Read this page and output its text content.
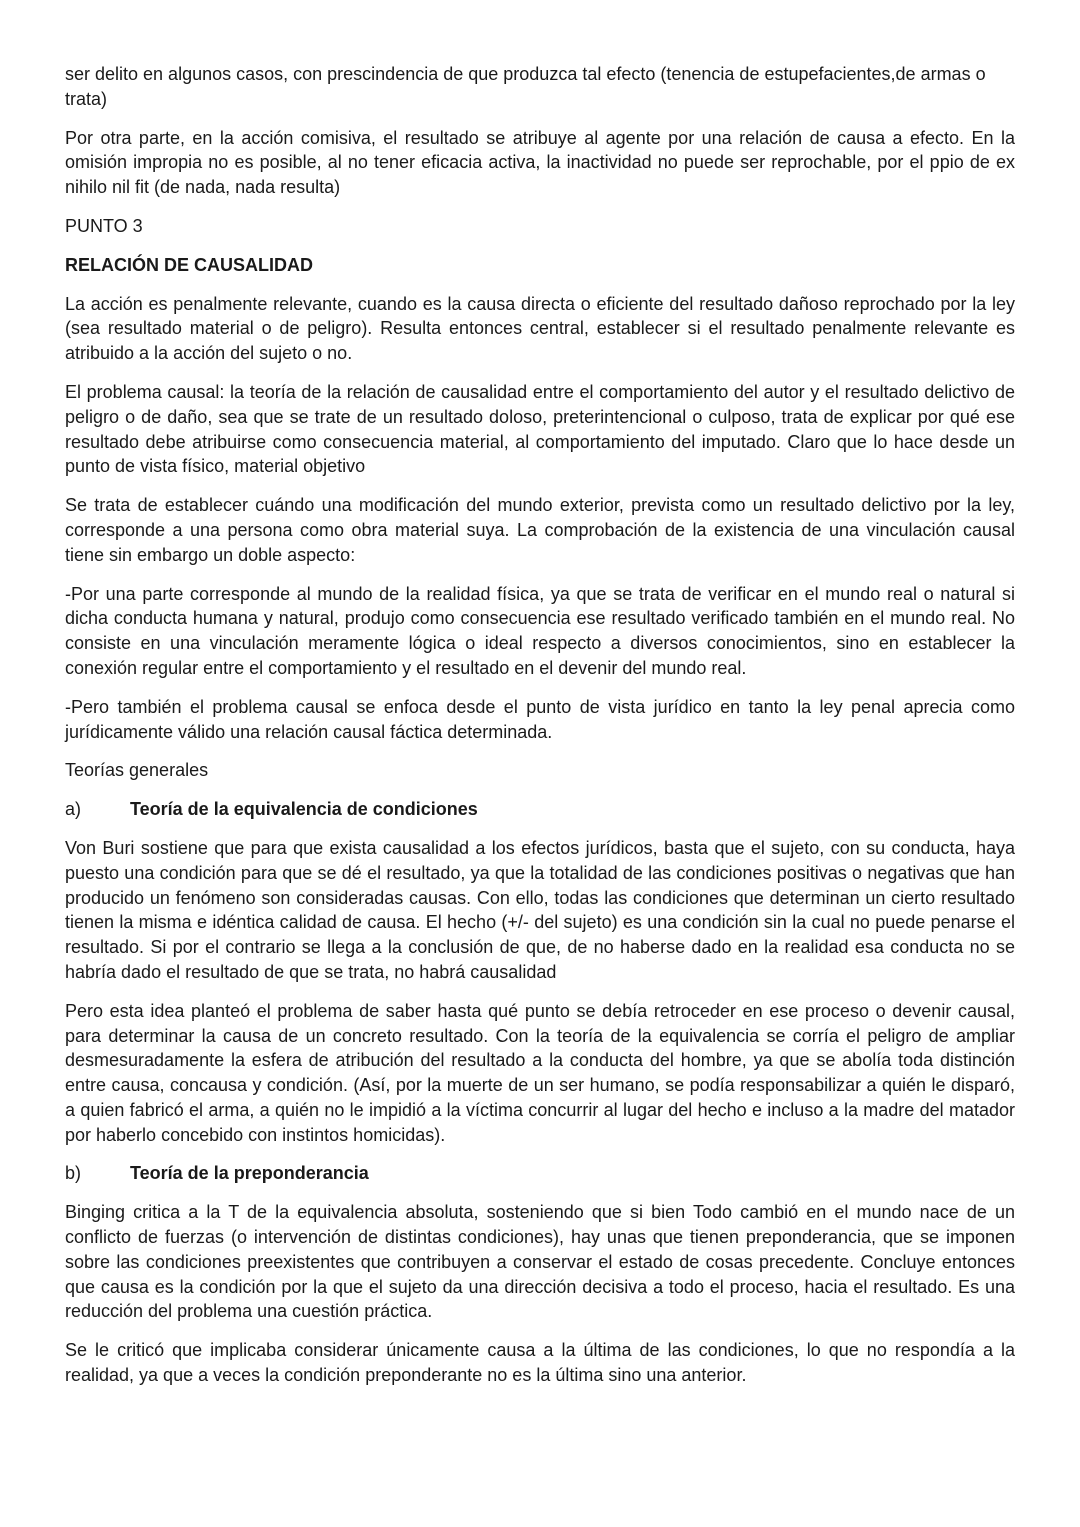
ser delito en algunos casos, con prescindencia de que produzca tal efecto (tenencia de estupefacientes,de armas o trata)

Por otra parte, en la acción comisiva, el resultado se atribuye al agente por una relación de causa a efecto. En la omisión impropia no es posible, al no tener eficacia activa, la inactividad no puede ser reprochable, por el ppio de ex nihilo nil fit (de nada, nada resulta)

PUNTO 3

RELACIÓN DE CAUSALIDAD

La acción es penalmente relevante, cuando es la causa directa o eficiente del resultado dañoso reprochado por la ley (sea resultado material o de peligro). Resulta entonces central, establecer si el resultado penalmente relevante es atribuido a la acción del sujeto o no.

El problema causal: la teoría de la relación de causalidad entre el comportamiento del autor y el resultado delictivo de peligro o de daño, sea que se trate de un resultado doloso, preterintencional o culposo, trata de explicar por qué ese resultado debe atribuirse como consecuencia material, al comportamiento del imputado. Claro que lo hace desde un punto de vista físico, material objetivo

Se trata de establecer cuándo una modificación del mundo exterior, prevista como un resultado delictivo por la ley, corresponde a una persona como obra material suya. La comprobación de la existencia de una vinculación causal tiene sin embargo un doble aspecto:

-Por una parte corresponde al mundo de la realidad física, ya que se trata de verificar en el mundo real o natural si dicha conducta humana y natural, produjo como consecuencia ese resultado verificado también en el mundo real. No consiste en una vinculación meramente lógica o ideal respecto a diversos conocimientos, sino en establecer la conexión regular entre el comportamiento y el resultado en el devenir del mundo real.

-Pero también el problema causal se enfoca desde el punto de vista jurídico en tanto la ley penal aprecia como jurídicamente válido una relación causal fáctica determinada.

Teorías generales

a)	Teoría de la equivalencia de condiciones

Von Buri sostiene que para que exista causalidad a los efectos jurídicos, basta que el sujeto, con su conducta, haya puesto una condición para que se dé el resultado, ya que la totalidad de las condiciones positivas o negativas que han producido un fenómeno son consideradas causas. Con ello, todas las condiciones que determinan un cierto resultado tienen la misma e idéntica calidad de causa. El hecho (+/- del sujeto) es una condición sin la cual no puede penarse el resultado. Si por el contrario se llega a la conclusión de que, de no haberse dado en la realidad esa conducta no se habría dado el resultado de que se trata, no habrá causalidad

Pero esta idea planteó el problema de saber hasta qué punto se debía retroceder en ese proceso o devenir causal, para determinar la causa de un concreto resultado. Con la teoría de la equivalencia se corría el peligro de ampliar desmesuradamente la esfera de atribución del resultado a la conducta del hombre, ya que se abolía toda distinción entre causa, concausa y condición. (Así, por la muerte de un ser humano, se podía responsabilizar a quién le disparó, a quien fabricó el arma, a quién no le impidió a la víctima concurrir al lugar del hecho e incluso a la madre del matador por haberlo concebido con instintos homicidas).

b)	Teoría de la preponderancia

Binging critica a la T de la equivalencia absoluta, sosteniendo que si bien Todo cambió en el mundo nace de un conflicto de fuerzas (o intervención de distintas condiciones), hay unas que tienen preponderancia, que se imponen sobre las condiciones preexistentes que contribuyen a conservar el estado de cosas precedente. Concluye entonces que causa es la condición por la que el sujeto da una dirección decisiva a todo el proceso, hacia el resultado. Es una reducción del problema una cuestión práctica.

Se le criticó que implicaba considerar únicamente causa a la última de las condiciones, lo que no respondía a la realidad, ya que a veces la condición preponderante no es la última sino una anterior.
